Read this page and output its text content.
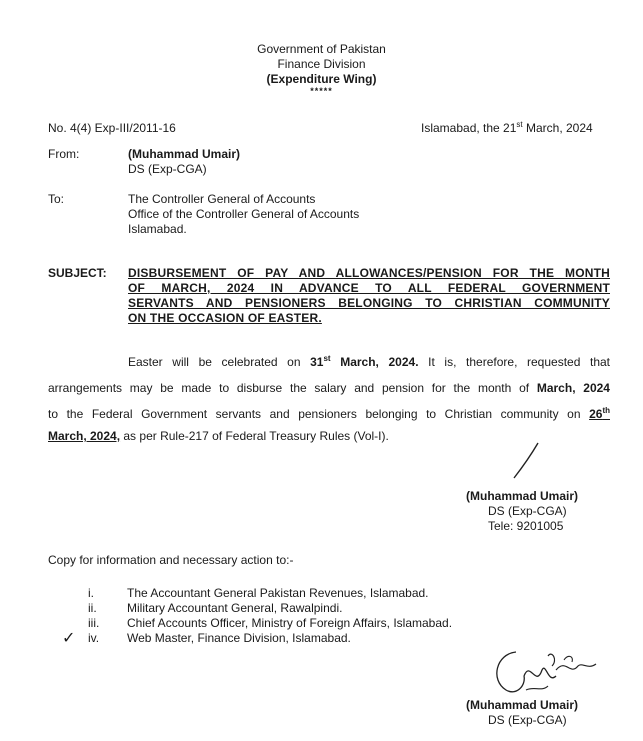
Government of Pakistan
Finance Division
(Expenditure Wing)
*****
No. 4(4) Exp-III/2011-16	Islamabad, the 21st March, 2024
From:	(Muhammad Umair)
DS (Exp-CGA)
To:	The Controller General of Accounts
Office of the Controller General of Accounts
Islamabad.
SUBJECT: DISBURSEMENT OF PAY AND ALLOWANCES/PENSION FOR THE MONTH
OF MARCH, 2024 IN ADVANCE TO ALL FEDERAL GOVERNMENT
SERVANTS AND PENSIONERS BELONGING TO CHRISTIAN COMMUNITY
ON THE OCCASION OF EASTER.
Easter will be celebrated on 31st March, 2024. It is, therefore, requested that
arrangements may be made to disburse the salary and pension for the month of March, 2024
to the Federal Government servants and pensioners belonging to Christian community on 26th
March, 2024, as per Rule-217 of Federal Treasury Rules (Vol-I).
(Muhammad Umair)
DS (Exp-CGA)
Tele: 9201005
Copy for information and necessary action to:-
i.	The Accountant General Pakistan Revenues, Islamabad.
ii.	Military Accountant General, Rawalpindi.
iii.	Chief Accounts Officer, Ministry of Foreign Affairs, Islamabad.
✓ iv.	Web Master, Finance Division, Islamabad.
(Muhammad Umair)
DS (Exp-CGA)
